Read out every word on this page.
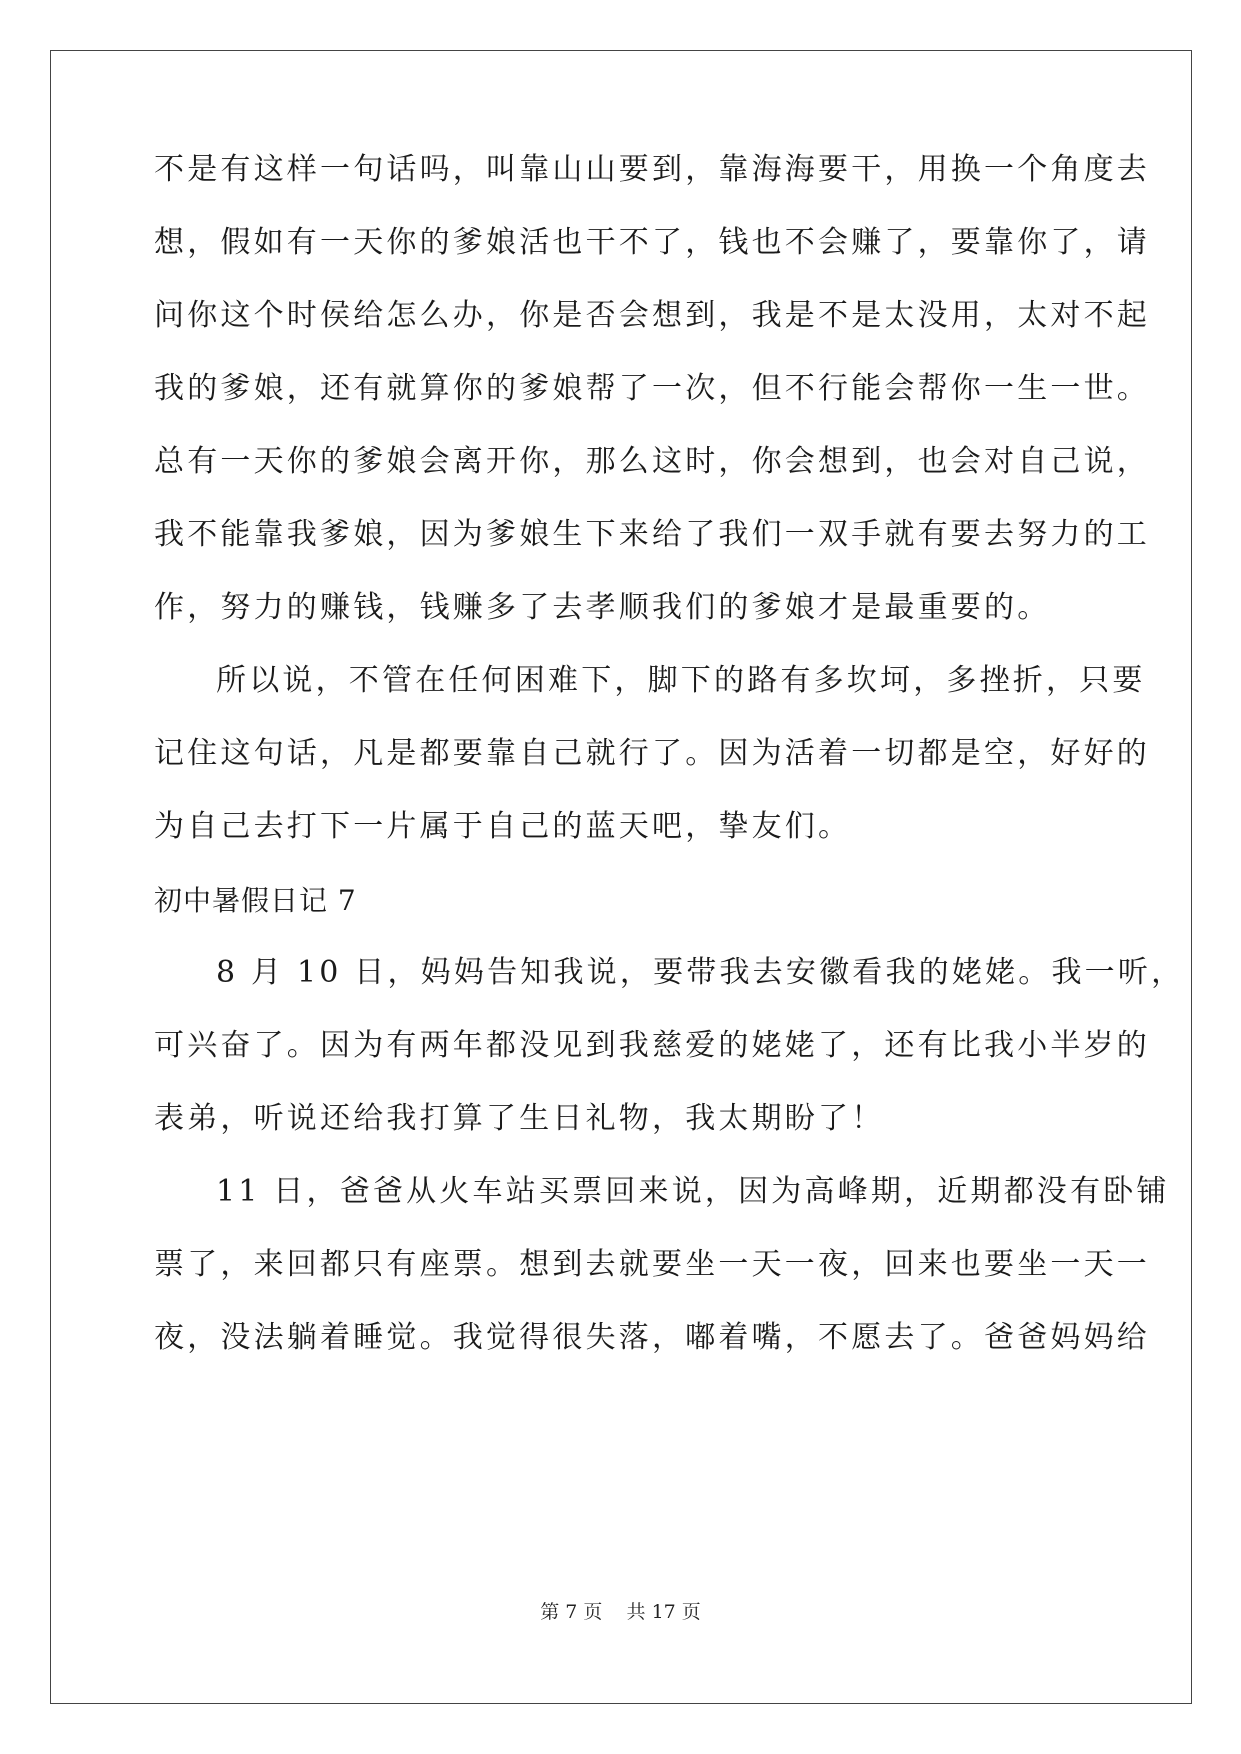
不是有这样一句话吗，叫靠山山要到，靠海海要干，用换一个角度去
想，假如有一天你的爹娘活也干不了，钱也不会赚了，要靠你了，请
问你这个时侯给怎么办，你是否会想到，我是不是太没用，太对不起
我的爹娘，还有就算你的爹娘帮了一次，但不行能会帮你一生一世。
总有一天你的爹娘会离开你，那么这时，你会想到，也会对自己说，
我不能靠我爹娘，因为爹娘生下来给了我们一双手就有要去努力的工
作，努力的赚钱，钱赚多了去孝顺我们的爹娘才是最重要的。
所以说，不管在任何困难下，脚下的路有多坎坷，多挫折，只要
记住这句话，凡是都要靠自己就行了。因为活着一切都是空，好好的
为自己去打下一片属于自己的蓝天吧，挚友们。
初中暑假日记 7
8 月 10 日，妈妈告知我说，要带我去安徽看我的姥姥。我一听，
可兴奋了。因为有两年都没见到我慈爱的姥姥了，还有比我小半岁的
表弟，听说还给我打算了生日礼物，我太期盼了！
11 日，爸爸从火车站买票回来说，因为高峰期，近期都没有卧铺
票了，来回都只有座票。想到去就要坐一天一夜，回来也要坐一天一
夜，没法躺着睡觉。我觉得很失落，嘟着嘴，不愿去了。爸爸妈妈给
第 7 页    共 17 页
